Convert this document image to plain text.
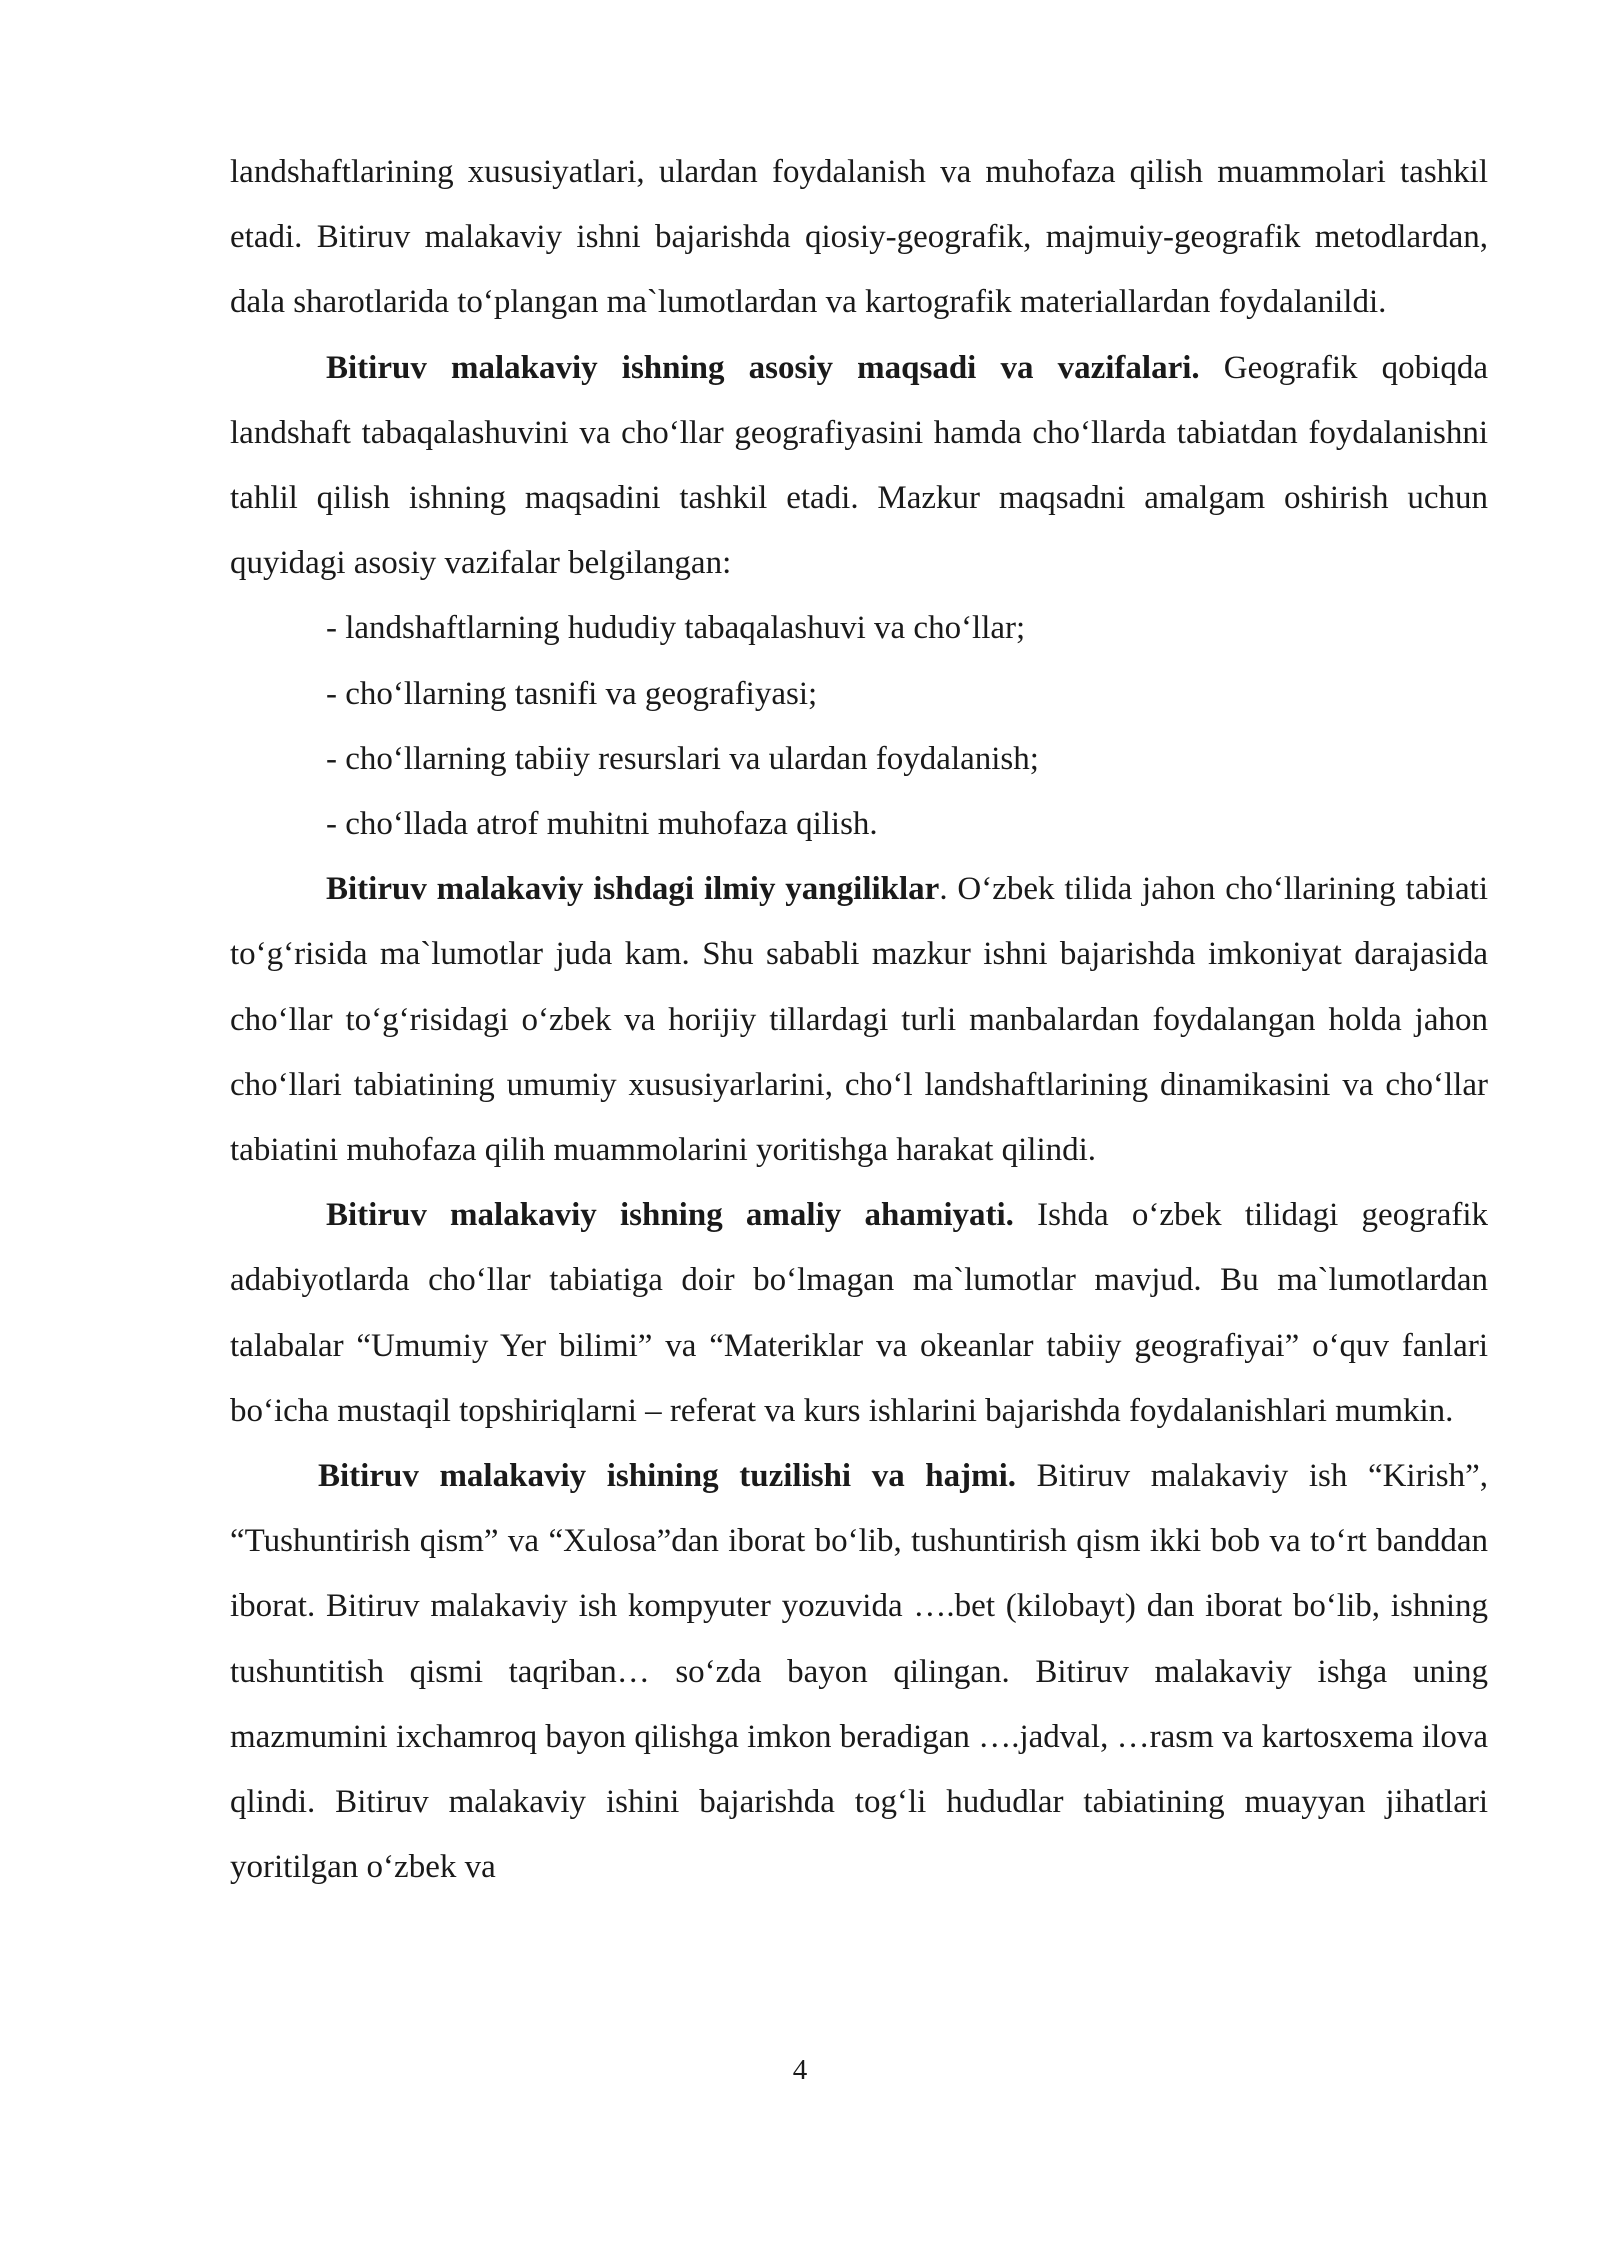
landshaftlarining xususiyatlari, ulardan foydalanish va muhofaza qilish muammolari tashkil etadi. Bitiruv malakaviy ishni bajarishda qiosiy-geografik, majmuiy-geografik metodlardan, dala sharotlarida to‘plangan ma`lumotlardan va kartografik materiallardan foydalanildi.

Bitiruv malakaviy ishning asosiy maqsadi va vazifalari. Geografik qobiqda landshaft tabaqalashuvini va cho‘llar geografiyasini hamda cho‘llarda tabiatdan foydalanishni tahlil qilish ishning maqsadini tashkil etadi. Mazkur maqsadni amalgam oshirish uchun quyidagi asosiy vazifalar belgilangan:

- landshaftlarning hududiy tabaqalashuvi va cho‘llar;

- cho‘llarning tasnifi va geografiyasi;

- cho‘llarning tabiiy resurslari va ulardan foydalanish;

- cho‘llada atrof muhitni muhofaza qilish.

Bitiruv malakaviy ishdagi ilmiy yangiliklar. O‘zbek tilida jahon cho‘llarining tabiati to‘g‘risida ma`lumotlar juda kam. Shu sababli mazkur ishni bajarishda imkoniyat darajasida cho‘llar to‘g‘risidagi o‘zbek va horijiy tillardagi turli manbalardan foydalangan holda jahon cho‘llari tabiatining umumiy xususiyarlarini, cho‘l landshaftlarining dinamikasini va cho‘llar tabiatini muhofaza qilih muammolarini yoritishga harakat qilindi.

Bitiruv malakaviy ishning amaliy ahamiyati. Ishda o‘zbek tilidagi geografik adabiyotlarda cho‘llar tabiatiga doir bo‘lmagan ma`lumotlar mavjud. Bu ma`lumotlardan talabalar “Umumiy Yer bilimi” va “Materiklar va okeanlar tabiiy geografiyai” o‘quv fanlari bo‘icha mustaqil topshiriqlarni – referat va kurs ishlarini bajarishda foydalanishlari mumkin.

Bitiruv malakaviy ishining tuzilishi va hajmi. Bitiruv malakaviy ish “Kirish”, “Tushuntirish qism” va “Xulosa”dan iborat bo‘lib, tushuntirish qism ikki bob va to‘rt banddan iborat. Bitiruv malakaviy ish kompyuter yozuvida ….bet (kilobayt) dan iborat bo‘lib, ishning tushuntitish qismi taqriban… so‘zda bayon qilingan. Bitiruv malakaviy ishga uning mazmumini ixchamroq bayon qilishga imkon beradigan ….jadval, …rasm va kartosxema ilova qlindi. Bitiruv malakaviy ishini bajarishda tog‘li hududlar tabiatining muayyan jihatlari yoritilgan o‘zbek va

4
